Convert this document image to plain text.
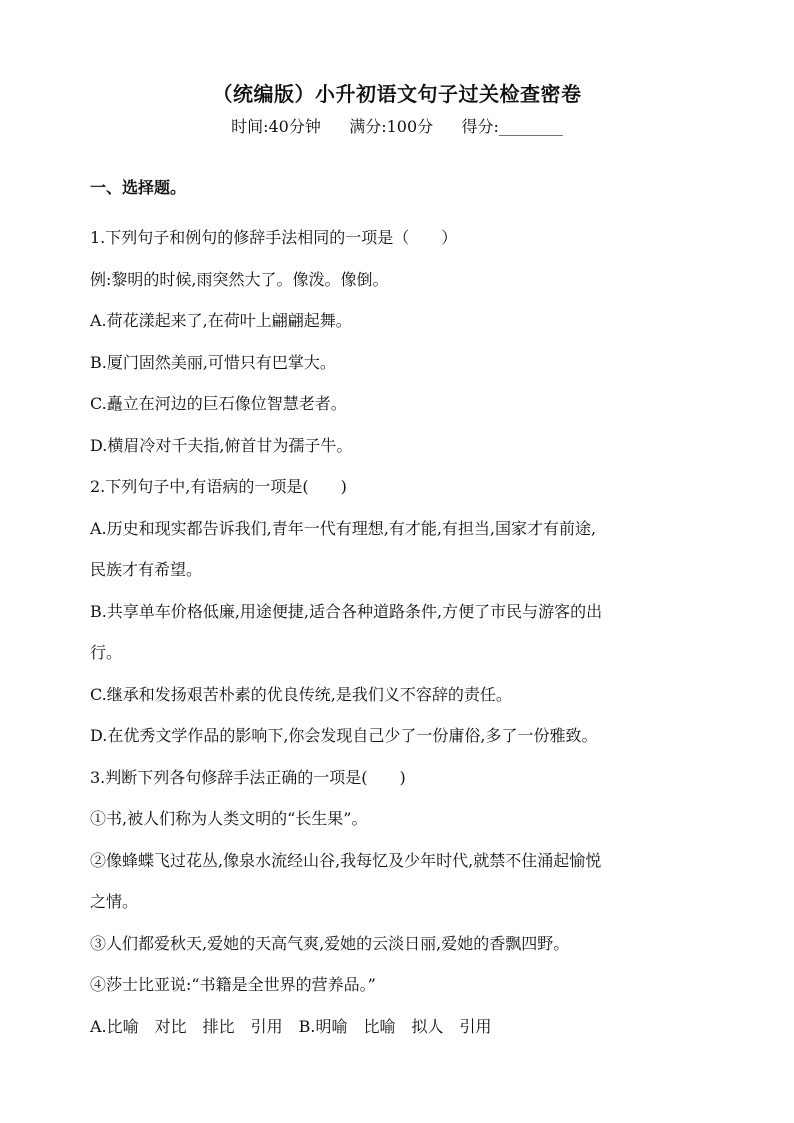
（统编版）小升初语文句子过关检查密卷
时间:40分钟 满分:100分 得分:________
一、选择题。
1.下列句子和例句的修辞手法相同的一项是（　　）
例:黎明的时候,雨突然大了。像泼。像倒。
A.荷花漾起来了,在荷叶上翩翩起舞。
B.厦门固然美丽,可惜只有巴掌大。
C.矗立在河边的巨石像位智慧老者。
D.横眉冷对千夫指,俯首甘为孺子牛。
2.下列句子中,有语病的一项是(　　)
A.历史和现实都告诉我们,青年一代有理想,有才能,有担当,国家才有前途,
民族才有希望。
B.共享单车价格低廉,用途便捷,适合各种道路条件,方便了市民与游客的出
行。
C.继承和发扬艰苦朴素的优良传统,是我们义不容辞的责任。
D.在优秀文学作品的影响下,你会发现自己少了一份庸俗,多了一份雅致。
3.判断下列各句修辞手法正确的一项是(　　)
①书,被人们称为人类文明的“长生果”。
②像蜂蝶飞过花丛,像泉水流经山谷,我每忆及少年时代,就禁不住涌起愉悦
之情。
③人们都爱秋天,爱她的天高气爽,爱她的云淡日丽,爱她的香飘四野。
④莎士比亚说:“书籍是全世界的营养品。”
A.比喻　对比　排比　引用　B.明喻　比喻　拟人　引用
